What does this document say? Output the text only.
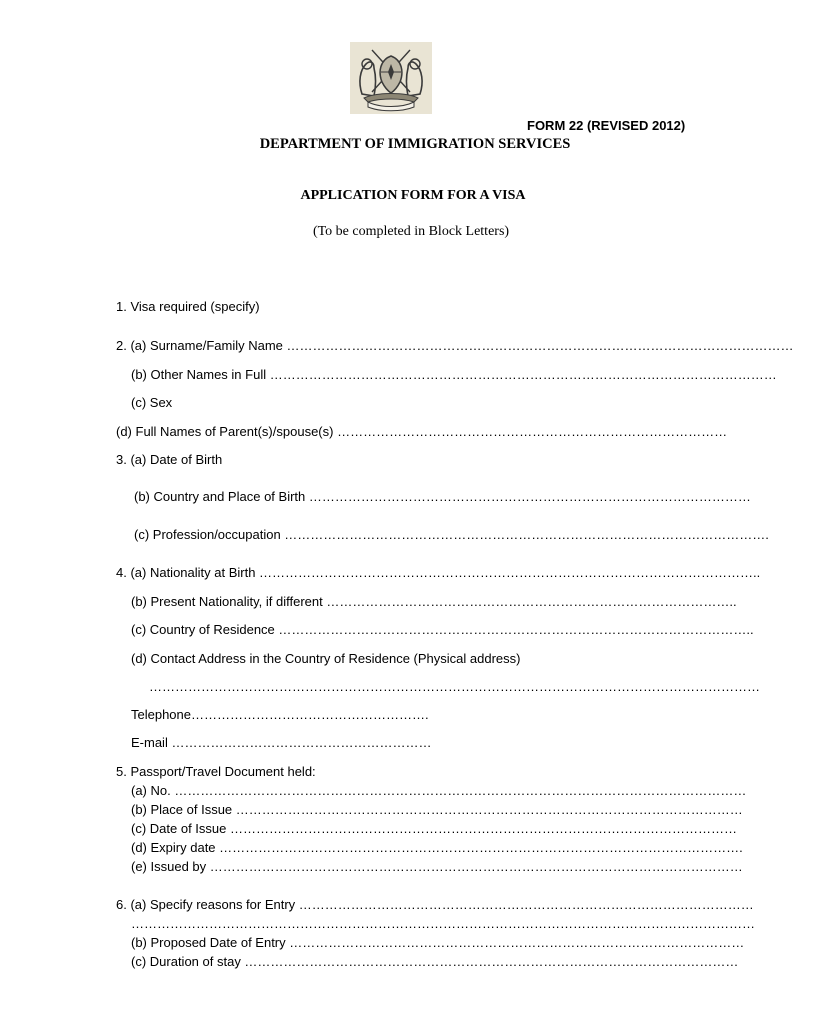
FORM 22 (REVISED 2012)
DEPARTMENT OF IMMIGRATION SERVICES
APPLICATION FORM FOR A VISA
(To be completed in Block Letters)
1. Visa required (specify)
2. (a) Surname/Family Name ………………………………………………………………………………………………………
(b) Other Names in Full ………………………………………………………………………………………………………
(c) Sex
(d) Full Names of Parent(s)/spouse(s) ………………………………………………………………………………
3. (a) Date of Birth
(b) Country and Place of Birth …………………………………………………………………………………………
(c) Profession/occupation ………………………………………………………………………………………………….
4. (a) Nationality at Birth ……………………………………………………………………………………………………..
(b) Present Nationality, if different …………………………………………………………………………………..
(c) Country of Residence ………………………………………………………………………………………………..
(d) Contact Address in the Country of Residence (Physical address)
……………………………………………………………………………………………………………………………
Telephone……………………………………………….
E-mail ……………………………………………………
5. Passport/Travel Document held:
(a) No. ……………………………………………………………………………………………………………………
(b) Place of Issue ………………………………………………………………………………………………………
(c) Date of Issue ………………………………………………………………………………………………………
(d) Expiry date ………………………………………………………………………………………………………….
(e) Issued by ……………………………………………………………………………………………………………
6. (a) Specify reasons for Entry ……………………………………………………………………………………………
………………………………………………………………………………………………………………………………
(b) Proposed Date of Entry ……………………………………………………………………………………………
(c) Duration of stay ……………………………………………………………………………………………………
